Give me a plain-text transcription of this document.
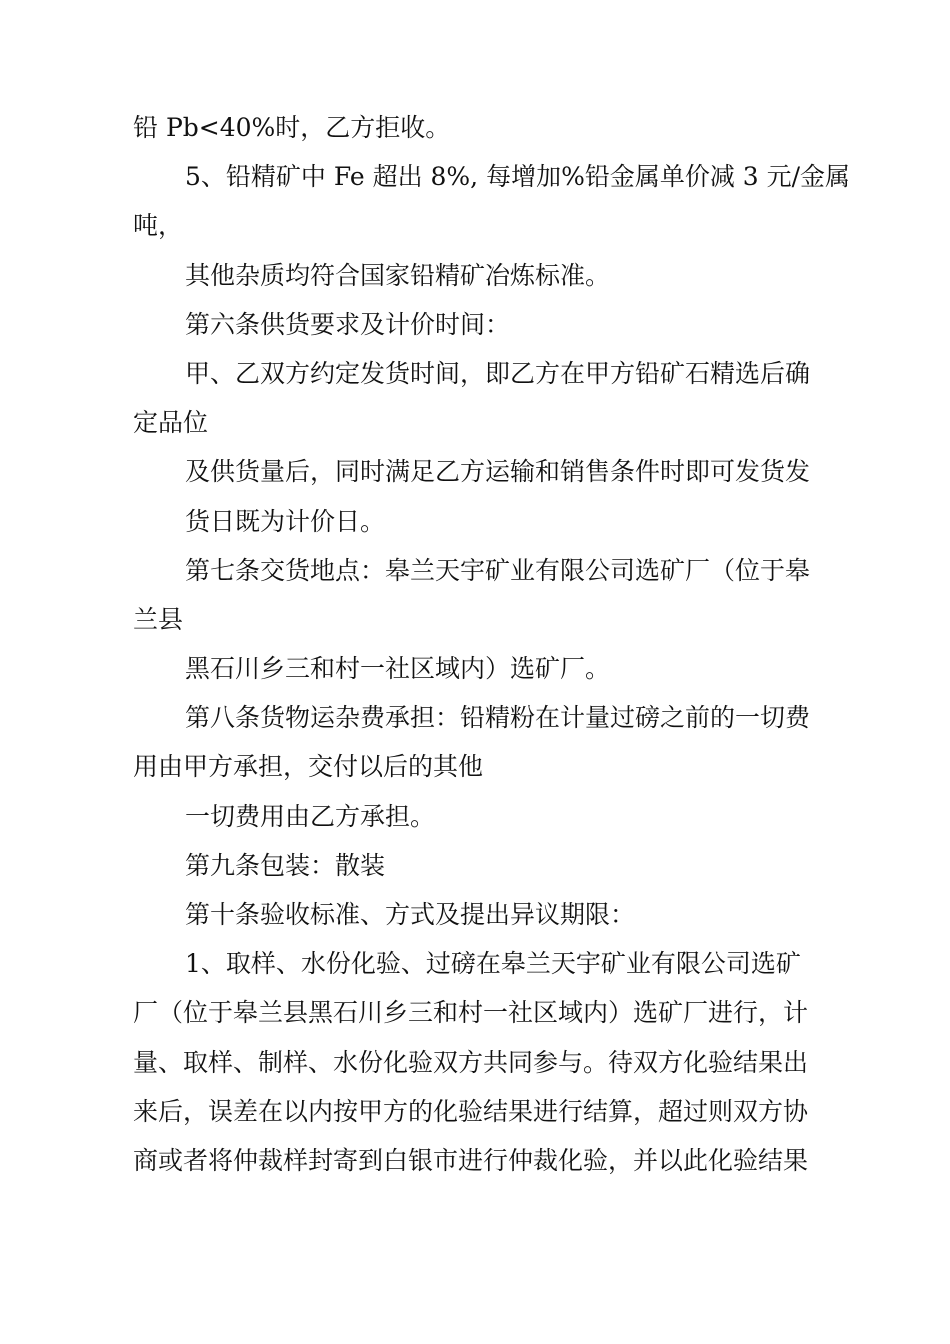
铅 Pb<40%时，乙方拒收。

5、铅精矿中 Fe 超出 8%, 每增加%铅金属单价减 3 元/金属

吨，

其他杂质均符合国家铅精矿冶炼标准。

第六条供货要求及计价时间：

甲、乙双方约定发货时间，即乙方在甲方铅矿石精选后确

定品位

及供货量后，同时满足乙方运输和销售条件时即可发货发

货日既为计价日。

第七条交货地点：皋兰天宇矿业有限公司选矿厂（位于皋

兰县

黑石川乡三和村一社区域内）选矿厂。

第八条货物运杂费承担：铅精粉在计量过磅之前的一切费

用由甲方承担，交付以后的其他

一切费用由乙方承担。

第九条包装：散装

第十条验收标准、方式及提出异议期限：

1、取样、水份化验、过磅在皋兰天宇矿业有限公司选矿

厂（位于皋兰县黑石川乡三和村一社区域内）选矿厂进行，计

量、取样、制样、水份化验双方共同参与。待双方化验结果出

来后，误差在以内按甲方的化验结果进行结算，超过则双方协

商或者将仲裁样封寄到白银市进行仲裁化验，并以此化验结果
